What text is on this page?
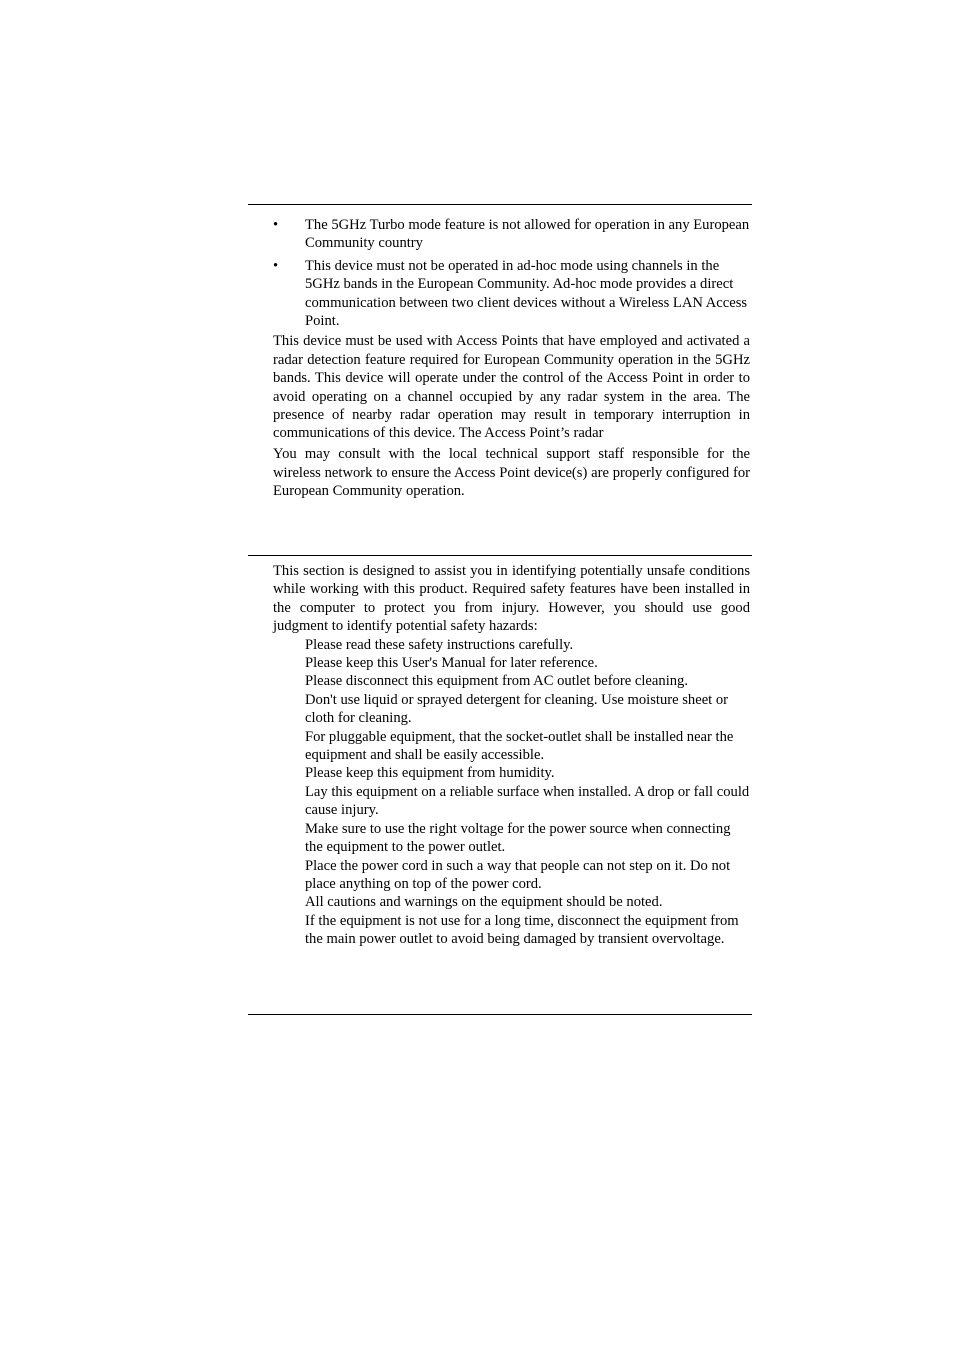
•	The 5GHz Turbo mode feature is not allowed for operation in any European Community country
•	This device must not be operated in ad-hoc mode using channels in the 5GHz bands in the European Community. Ad-hoc mode provides a direct communication between two client devices without a Wireless LAN Access Point.

This device must be used with Access Points that have employed and activated a radar detection feature required for European Community operation in the 5GHz bands. This device will operate under the control of the Access Point in order to avoid operating on a channel occupied by any radar system in the area. The presence of nearby radar operation may result in temporary interruption in communications of this device. The Access Point’s radar

You may consult with the local technical support staff responsible for the wireless network to ensure the Access Point device(s) are properly configured for European Community operation.

This section is designed to assist you in identifying potentially unsafe conditions while working with this product. Required safety features have been installed in the computer to protect you from injury. However, you should use good judgment to identify potential safety hazards:

Please read these safety instructions carefully.
Please keep this User's Manual for later reference.
Please disconnect this equipment from AC outlet before cleaning.
Don't use liquid or sprayed detergent for cleaning. Use moisture sheet or cloth for cleaning.
For pluggable equipment, that the socket-outlet shall be installed near the equipment and shall be easily accessible.
Please keep this equipment from humidity.
Lay this equipment on a reliable surface when installed. A drop or fall could cause injury.
Make sure to use the right voltage for the power source when connecting the equipment to the power outlet.
Place the power cord in such a way that people can not step on it. Do not place anything on top of the power cord.
All cautions and warnings on the equipment should be noted.
If the equipment is not use for a long time, disconnect the equipment from the main power outlet to avoid being damaged by transient overvoltage.
